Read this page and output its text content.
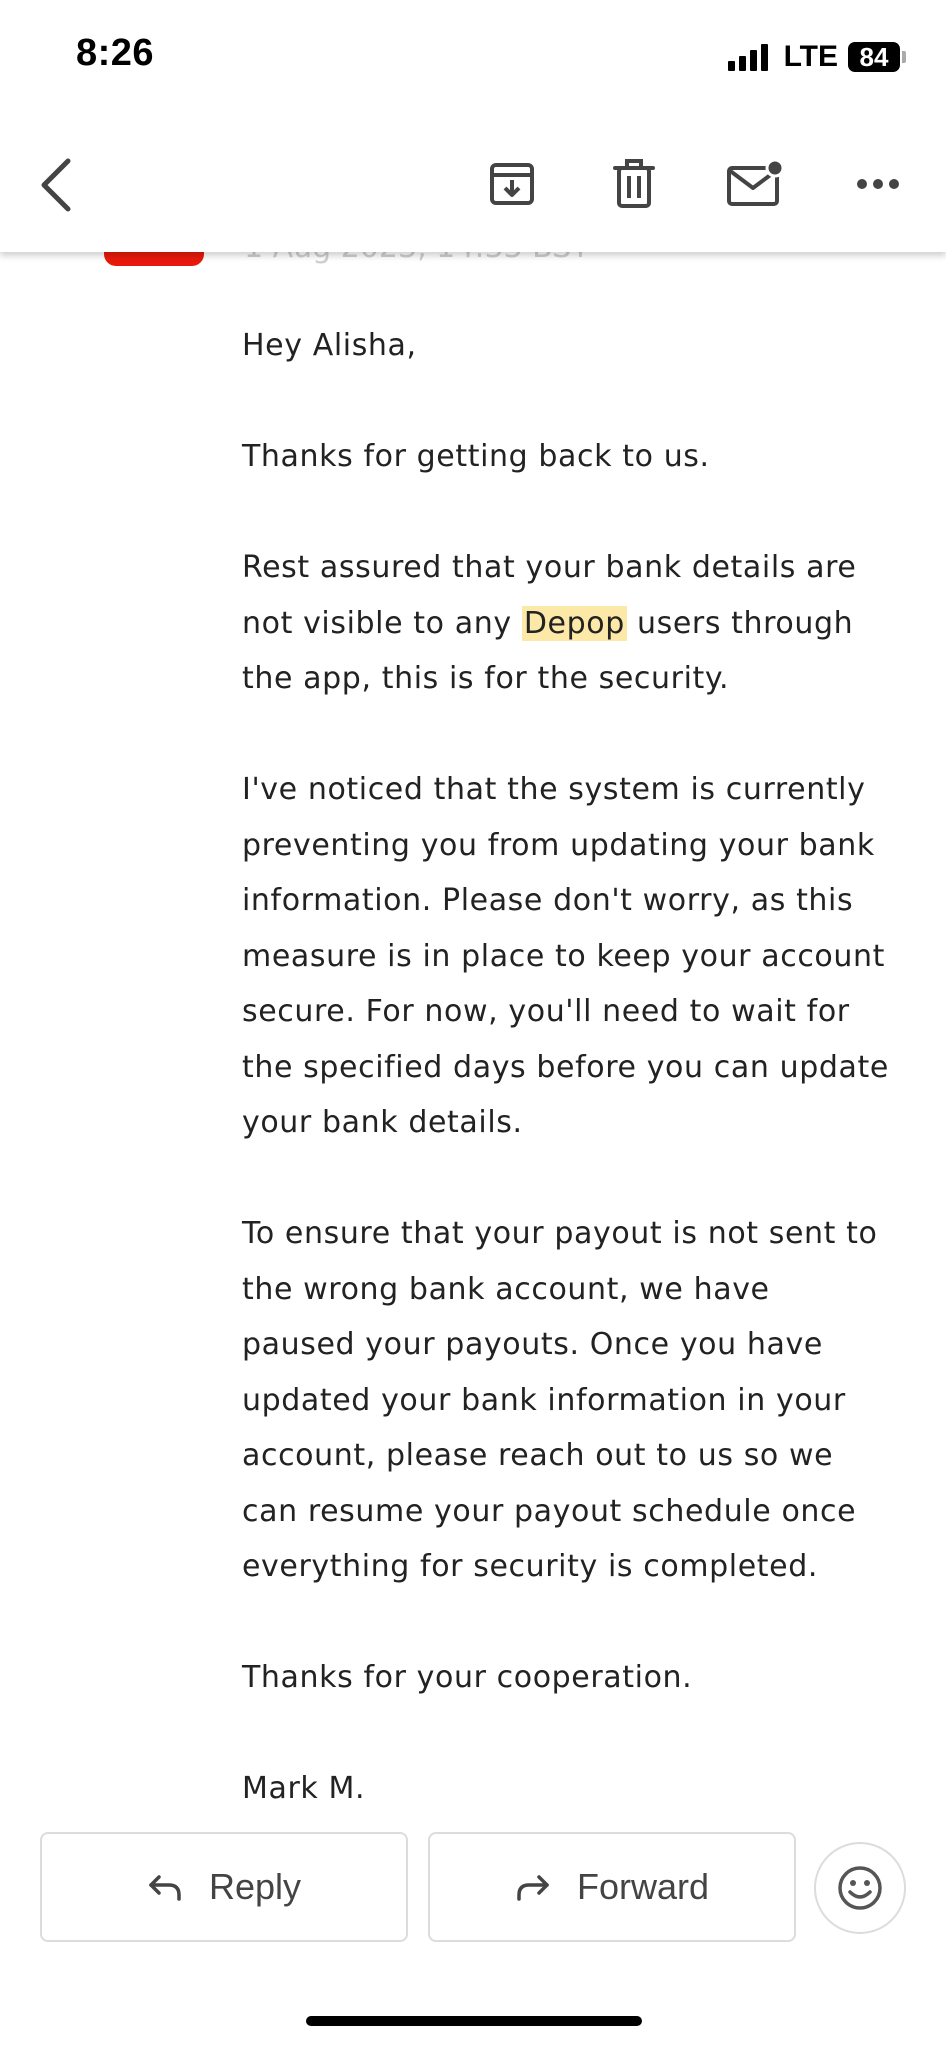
8:26	LTE 84

Hey Alisha,

Thanks for getting back to us.

Rest assured that your bank details are not visible to any Depop users through the app, this is for the security.

I've noticed that the system is currently preventing you from updating your bank information. Please don't worry, as this measure is in place to keep your account secure. For now, you'll need to wait for the specified days before you can update your bank details.

To ensure that your payout is not sent to the wrong bank account, we have paused your payouts. Once you have updated your bank information in your account, please reach out to us so we can resume your payout schedule once everything for security is completed.

Thanks for your cooperation.

Mark M.

Reply	Forward
